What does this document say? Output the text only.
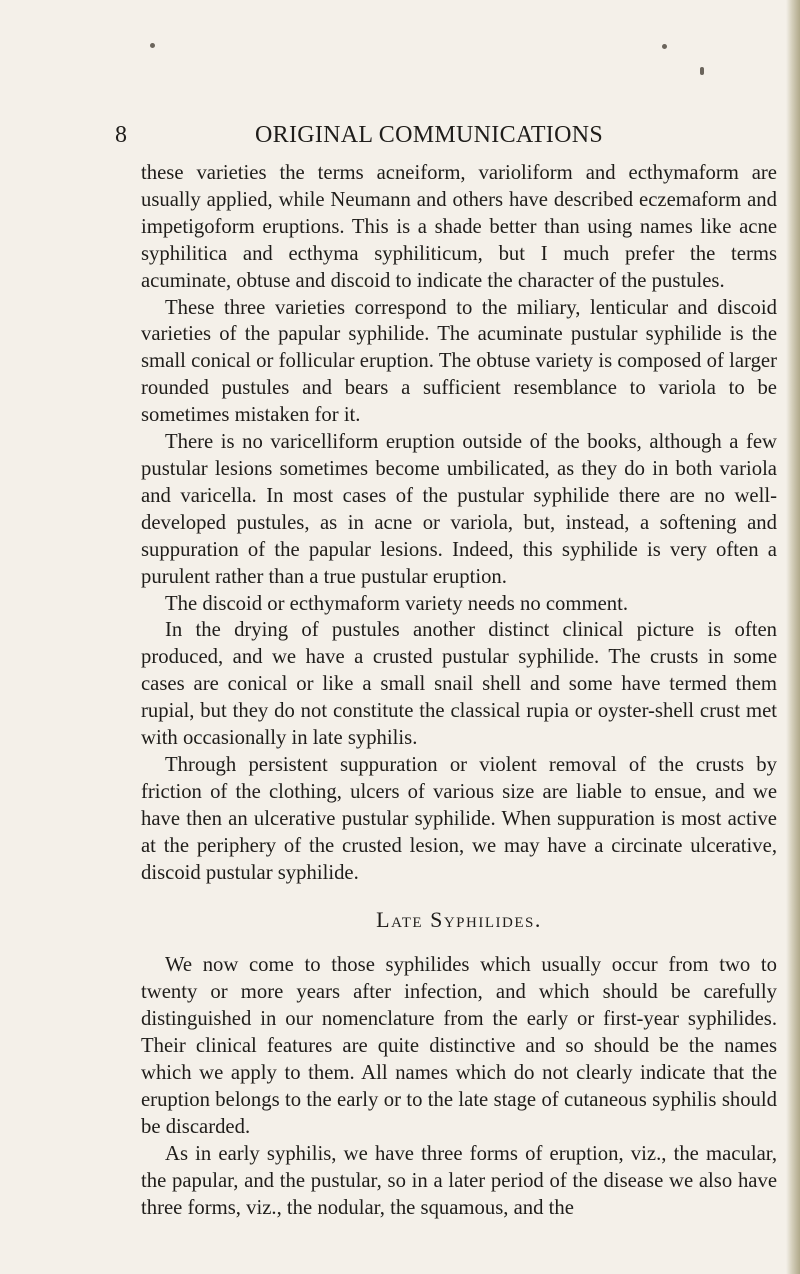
8	ORIGINAL COMMUNICATIONS

these varieties the terms acneiform, varioliform and ecthymaform are usually applied, while Neumann and others have described eczemaform and impetigoform eruptions. This is a shade better than using names like acne syphilitica and ecthyma syphiliticum, but I much prefer the terms acuminate, obtuse and discoid to indicate the character of the pustules.

These three varieties correspond to the miliary, lenticular and discoid varieties of the papular syphilide. The acuminate pustular syphilide is the small conical or follicular eruption. The obtuse variety is composed of larger rounded pustules and bears a sufficient resemblance to variola to be sometimes mistaken for it.

There is no varicelliform eruption outside of the books, although a few pustular lesions sometimes become umbilicated, as they do in both variola and varicella. In most cases of the pustular syphilide there are no well-developed pustules, as in acne or variola, but, instead, a softening and suppuration of the papular lesions. Indeed, this syphilide is very often a purulent rather than a true pustular eruption.

The discoid or ecthymaform variety needs no comment.

In the drying of pustules another distinct clinical picture is often produced, and we have a crusted pustular syphilide. The crusts in some cases are conical or like a small snail shell and some have termed them rupial, but they do not constitute the classical rupia or oyster-shell crust met with occasionally in late syphilis.

Through persistent suppuration or violent removal of the crusts by friction of the clothing, ulcers of various size are liable to ensue, and we have then an ulcerative pustular syphilide. When suppuration is most active at the periphery of the crusted lesion, we may have a circinate ulcerative, discoid pustular syphilide.

Late Syphilides.

We now come to those syphilides which usually occur from two to twenty or more years after infection, and which should be carefully distinguished in our nomenclature from the early or first-year syphilides. Their clinical features are quite distinctive and so should be the names which we apply to them. All names which do not clearly indicate that the eruption belongs to the early or to the late stage of cutaneous syphilis should be discarded.

As in early syphilis, we have three forms of eruption, viz., the macular, the papular, and the pustular, so in a later period of the disease we also have three forms, viz., the nodular, the squamous, and the
